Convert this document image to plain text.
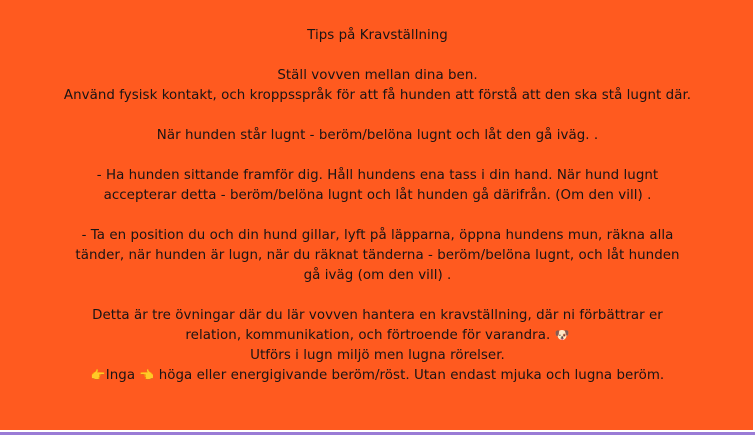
Tips på Kravställning
Ställ vovven mellan dina ben.
Använd fysisk kontakt, och kroppsspråk för att få hunden att förstå att den ska stå lugnt där.
När hunden står lugnt - beröm/belöna lugnt och låt den gå iväg. .
- Ha hunden sittande framför dig. Håll hundens ena tass i din hand. När hund lugnt accepterar detta - beröm/belöna lugnt och låt hunden gå därifrån. (Om den vill) .
- Ta en position du och din hund gillar, lyft på läpparna, öppna hundens mun, räkna alla tänder, när hunden är lugn, när du räknat tänderna - beröm/belöna lugnt, och låt hunden gå iväg (om den vill) .
Detta är tre övningar där du lär vovven hantera en kravställning, där ni förbättrar er relation, kommunikation, och förtroende för varandra. 🐶
Utförs i lugn miljö men lugna rörelser.
👉Inga 👈 höga eller energigivande beröm/röst. Utan endast mjuka och lugna beröm.
